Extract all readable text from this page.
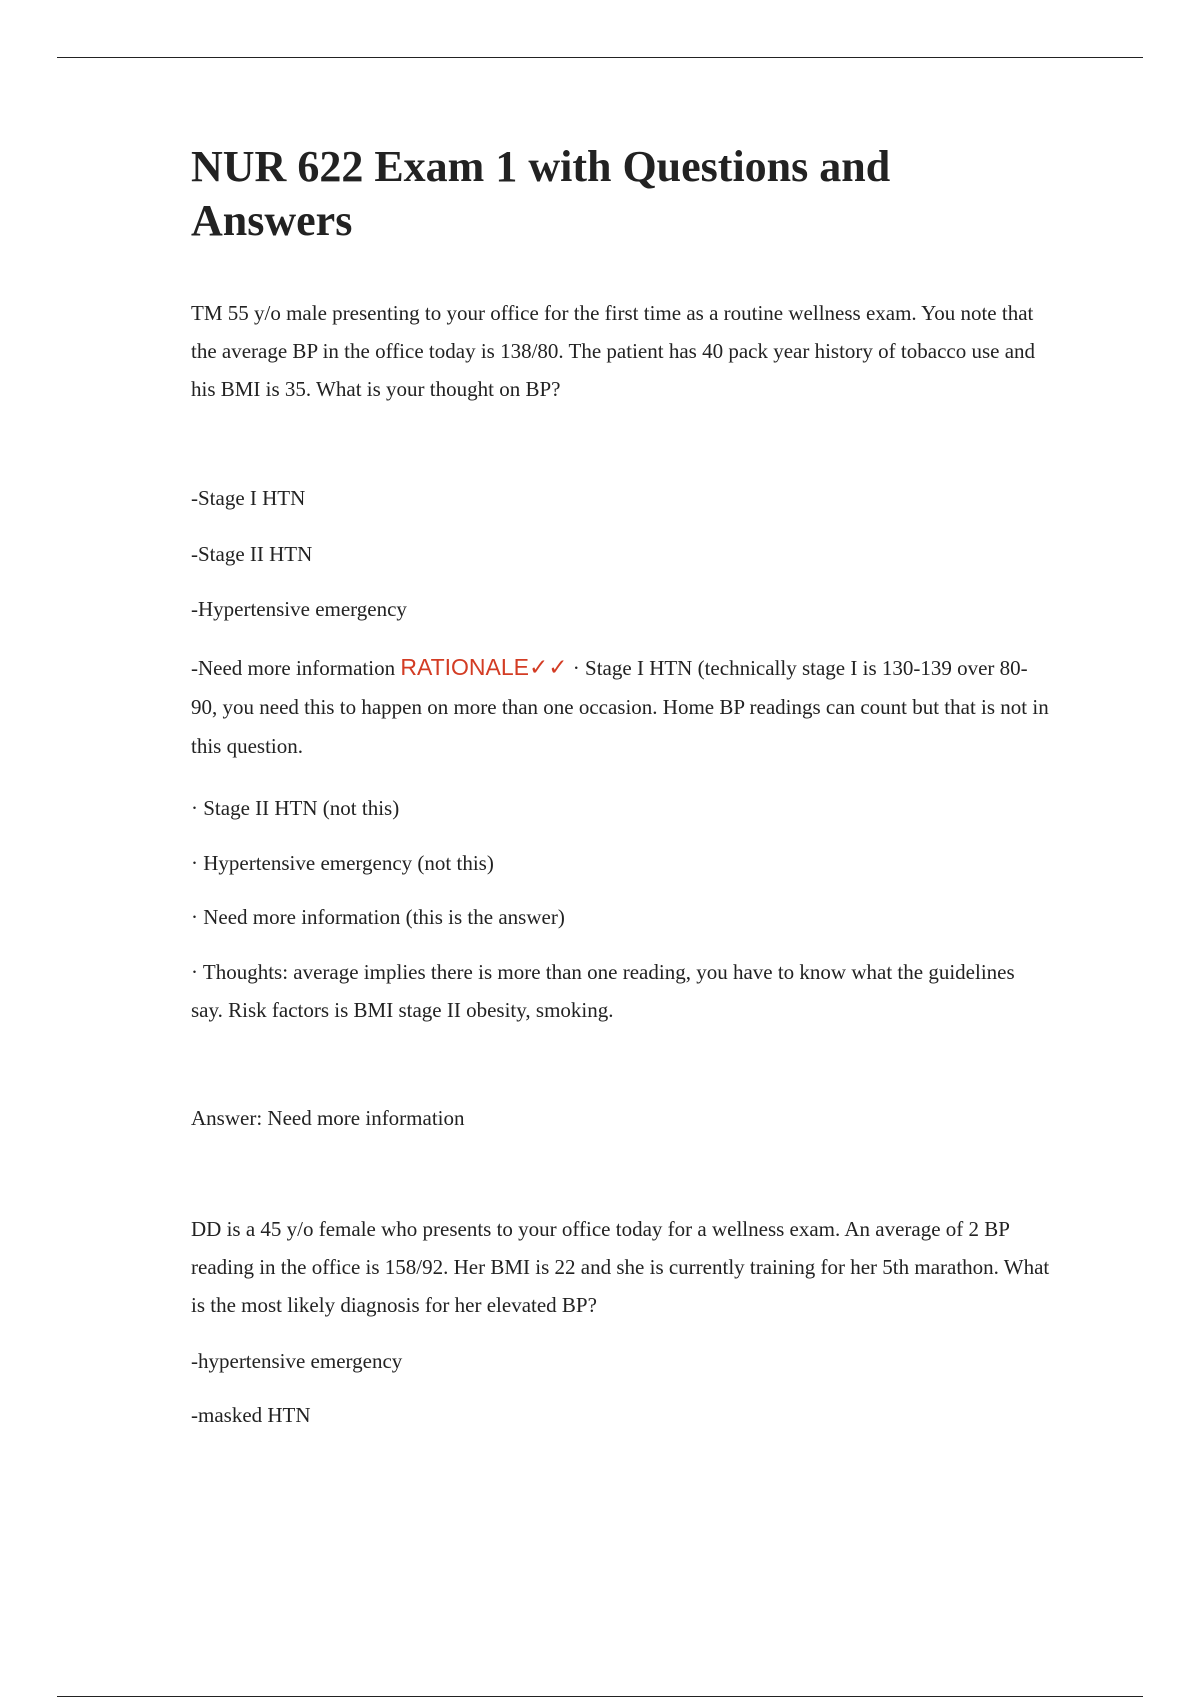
NUR 622 Exam 1 with Questions and Answers

TM 55 y/o male presenting to your office for the first time as a routine wellness exam. You note that the average BP in the office today is 138/80. The patient has 40 pack year history of tobacco use and his BMI is 35. What is your thought on BP?

-Stage I HTN

-Stage II HTN

-Hypertensive emergency

-Need more information RATIONALE✓✓ · Stage I HTN (technically stage I is 130-139 over 80-90, you need this to happen on more than one occasion. Home BP readings can count but that is not in this question.

· Stage II HTN (not this)

· Hypertensive emergency (not this)

· Need more information (this is the answer)

· Thoughts: average implies there is more than one reading, you have to know what the guidelines say. Risk factors is BMI stage II obesity, smoking.

Answer: Need more information

DD is a 45 y/o female who presents to your office today for a wellness exam. An average of 2 BP reading in the office is 158/92. Her BMI is 22 and she is currently training for her 5th marathon. What is the most likely diagnosis for her elevated BP?

-hypertensive emergency

-masked HTN
